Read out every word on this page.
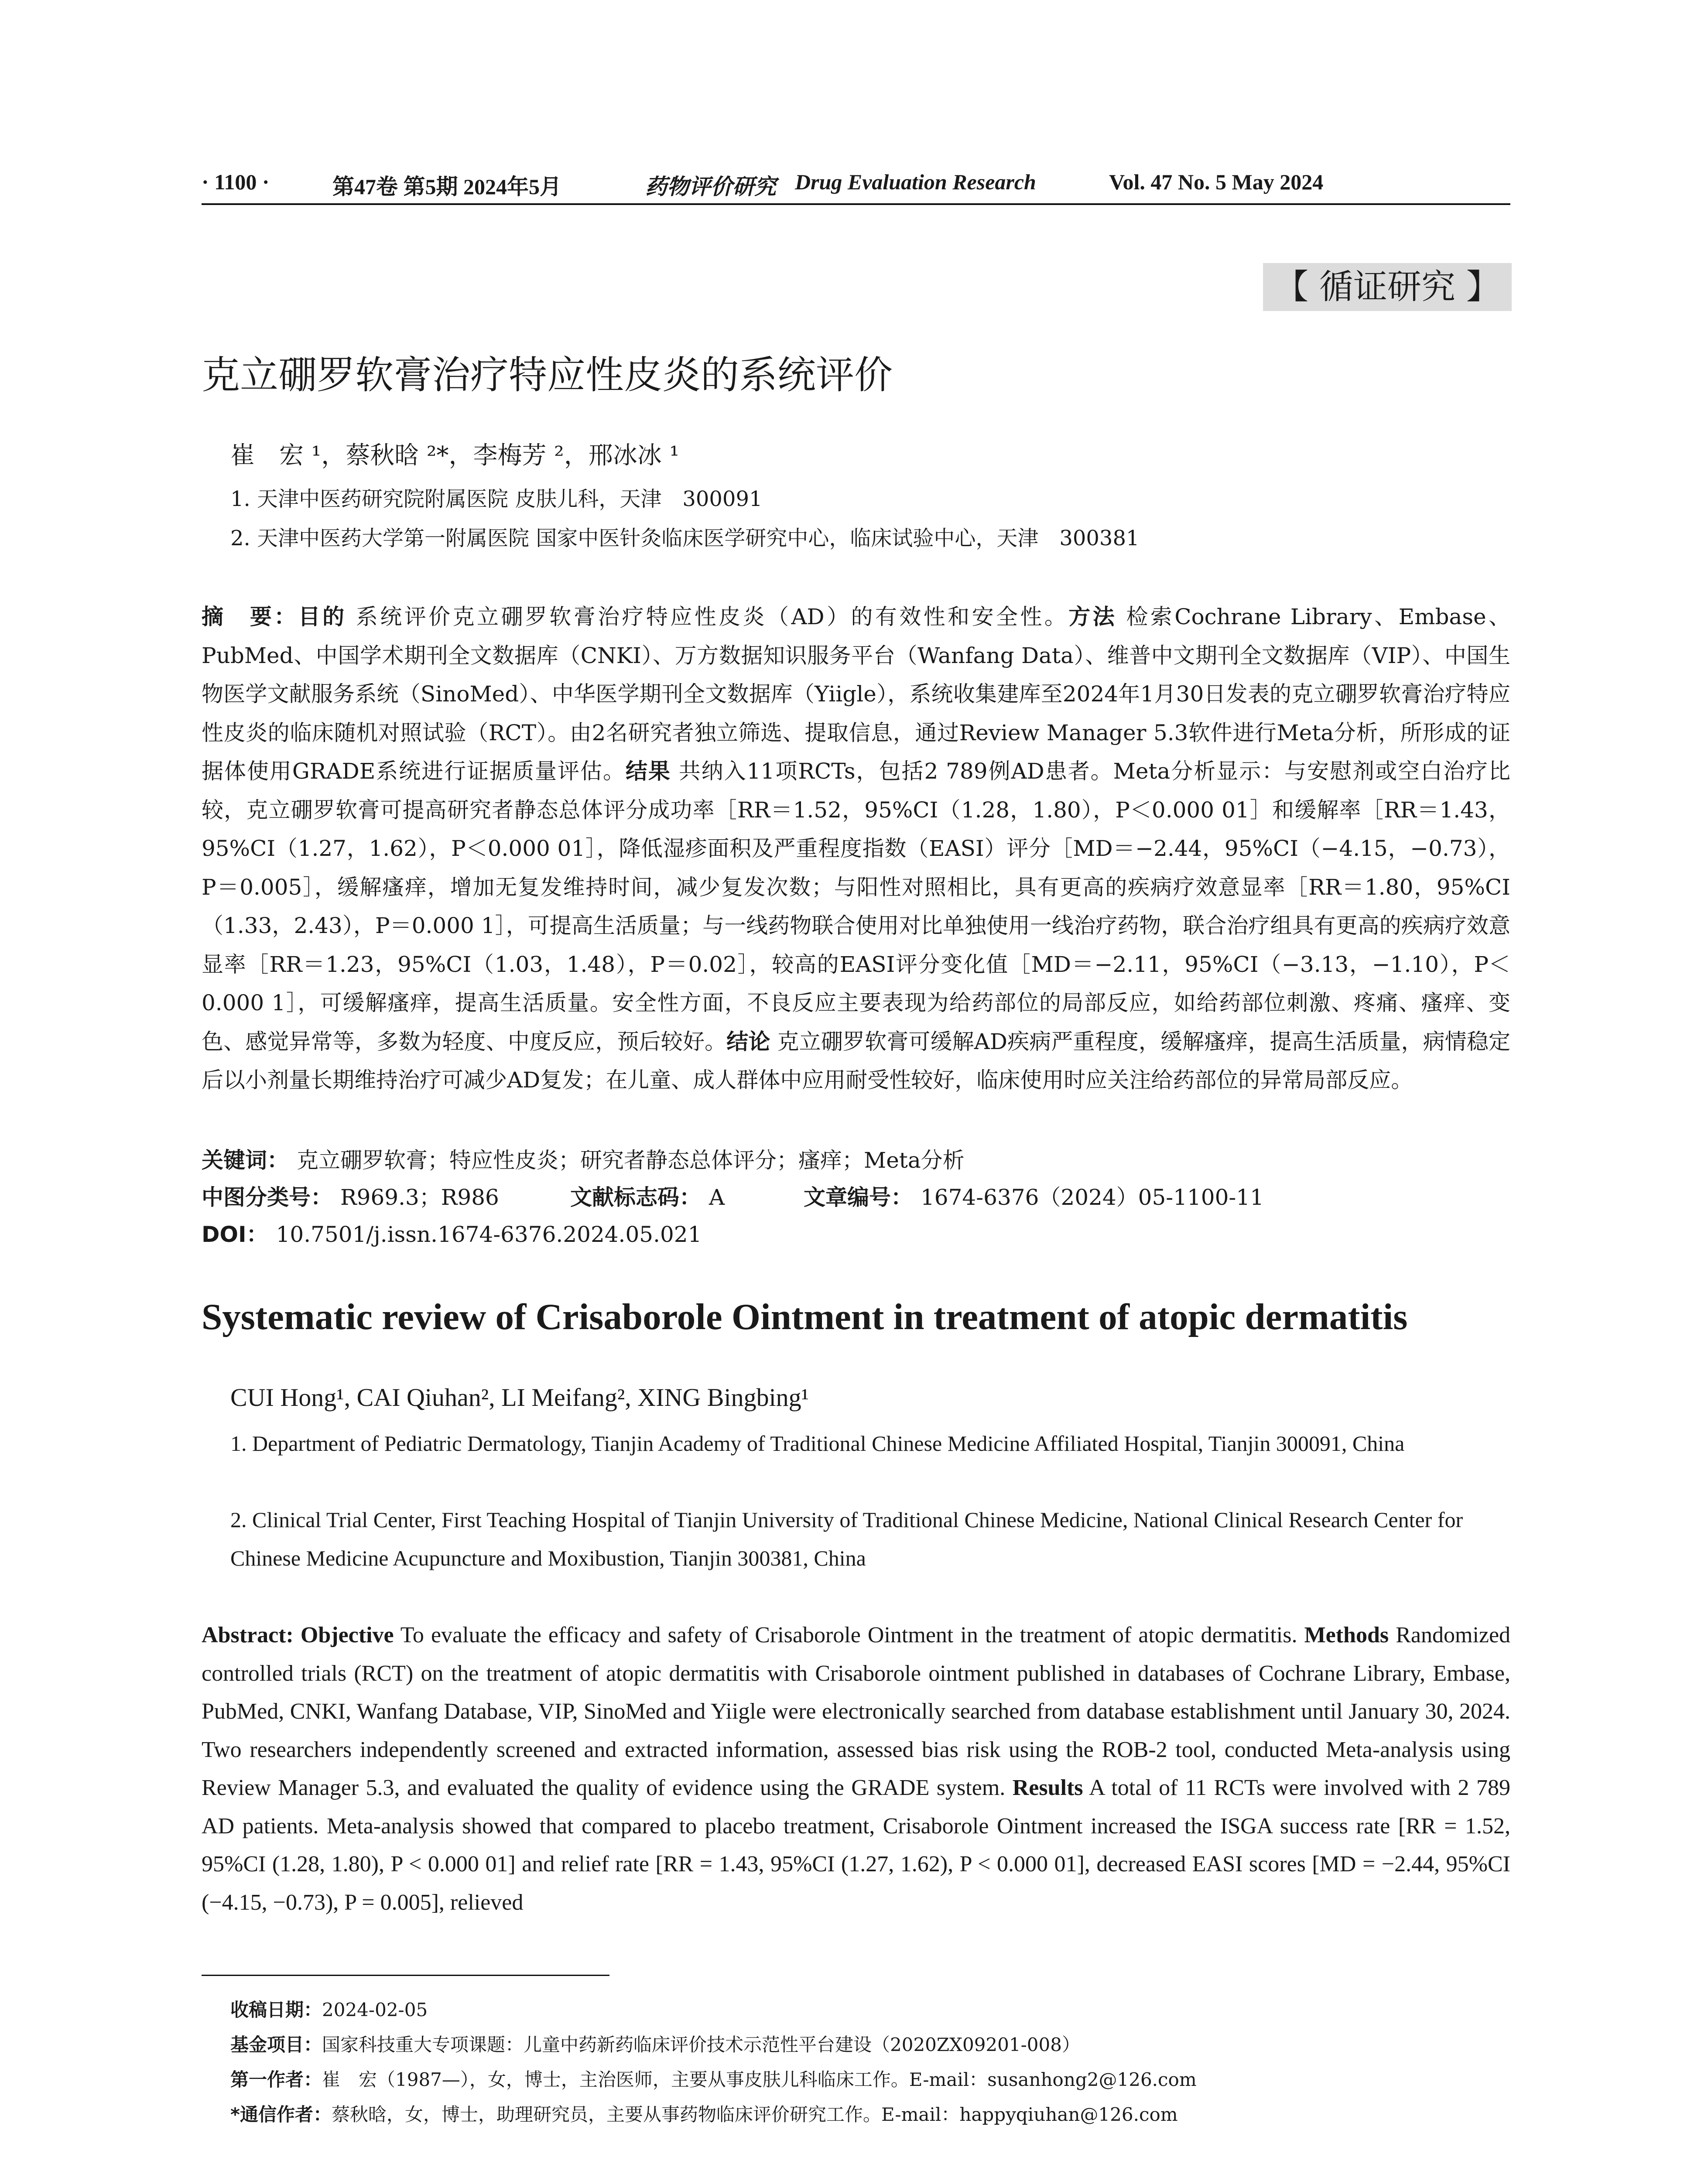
· 1100 ·	第47卷 第5期 2024年5月	药物评价研究 Drug Evaluation Research	Vol. 47 No. 5 May 2024
【 循证研究 】
克立硼罗软膏治疗特应性皮炎的系统评价
崔　宏 ¹，蔡秋晗 ²*，李梅芳 ²，邢冰冰 ¹
1. 天津中医药研究院附属医院 皮肤儿科，天津　300091
2. 天津中医药大学第一附属医院 国家中医针灸临床医学研究中心，临床试验中心，天津　300381
摘　要：目的 系统评价克立硼罗软膏治疗特应性皮炎（AD）的有效性和安全性。方法 检索Cochrane Library、Embase、PubMed、中国学术期刊全文数据库（CNKI）、万方数据知识服务平台（Wanfang Data）、维普中文期刊全文数据库（VIP）、中国生物医学文献服务系统（SinoMed）、中华医学期刊全文数据库（Yiigle），系统收集建库至2024年1月30日发表的克立硼罗软膏治疗特应性皮炎的临床随机对照试验（RCT）。由2名研究者独立筛选、提取信息，通过Review Manager 5.3软件进行Meta分析，所形成的证据体使用GRADE系统进行证据质量评估。结果 共纳入11项RCTs，包括2 789例AD患者。Meta分析显示：与安慰剂或空白治疗比较，克立硼罗软膏可提高研究者静态总体评分成功率［RR＝1.52，95%CI（1.28，1.80），P＜0.000 01］和缓解率［RR＝1.43，95%CI（1.27，1.62），P＜0.000 01］，降低湿疹面积及严重程度指数（EASI）评分［MD＝−2.44，95%CI（−4.15，−0.73），P＝0.005］，缓解瘙痒，增加无复发维持时间，减少复发次数；与阳性对照相比，具有更高的疾病疗效意显率［RR＝1.80，95%CI（1.33，2.43），P＝0.000 1］，可提高生活质量；与一线药物联合使用对比单独使用一线治疗药物，联合治疗组具有更高的疾病疗效意显率［RR＝1.23，95%CI（1.03，1.48），P＝0.02］，较高的EASI评分变化值［MD＝−2.11，95%CI（−3.13，−1.10），P＜0.000 1］，可缓解瘙痒，提高生活质量。安全性方面，不良反应主要表现为给药部位的局部反应，如给药部位刺激、疼痛、瘙痒、变色、感觉异常等，多数为轻度、中度反应，预后较好。结论 克立硼罗软膏可缓解AD疾病严重程度，缓解瘙痒，提高生活质量，病情稳定后以小剂量长期维持治疗可减少AD复发；在儿童、成人群体中应用耐受性较好，临床使用时应关注给药部位的异常局部反应。
关键词： 克立硼罗软膏；特应性皮炎；研究者静态总体评分；瘙痒；Meta分析
中图分类号： R969.3；R986	文献标志码： A	文章编号： 1674-6376（2024）05-1100-11
DOI： 10.7501/j.issn.1674-6376.2024.05.021
Systematic review of Crisaborole Ointment in treatment of atopic dermatitis
CUI Hong¹, CAI Qiuhan², LI Meifang², XING Bingbing¹
1. Department of Pediatric Dermatology, Tianjin Academy of Traditional Chinese Medicine Affiliated Hospital, Tianjin 300091, China
2. Clinical Trial Center, First Teaching Hospital of Tianjin University of Traditional Chinese Medicine, National Clinical Research Center for Chinese Medicine Acupuncture and Moxibustion, Tianjin 300381, China
Abstract: Objective To evaluate the efficacy and safety of Crisaborole Ointment in the treatment of atopic dermatitis. Methods Randomized controlled trials (RCT) on the treatment of atopic dermatitis with Crisaborole ointment published in databases of Cochrane Library, Embase, PubMed, CNKI, Wanfang Database, VIP, SinoMed and Yiigle were electronically searched from database establishment until January 30, 2024. Two researchers independently screened and extracted information, assessed bias risk using the ROB-2 tool, conducted Meta-analysis using Review Manager 5.3, and evaluated the quality of evidence using the GRADE system. Results A total of 11 RCTs were involved with 2 789 AD patients. Meta-analysis showed that compared to placebo treatment, Crisaborole Ointment increased the ISGA success rate [RR = 1.52, 95%CI (1.28, 1.80), P < 0.000 01] and relief rate [RR = 1.43, 95%CI (1.27, 1.62), P < 0.000 01], decreased EASI scores [MD = −2.44, 95%CI (−4.15, −0.73), P = 0.005], relieved
收稿日期：2024-02-05
基金项目：国家科技重大专项课题：儿童中药新药临床评价技术示范性平台建设（2020ZX09201-008）
第一作者：崔　宏（1987—），女，博士，主治医师，主要从事皮肤儿科临床工作。E-mail：susanhong2@126.com
*通信作者：蔡秋晗，女，博士，助理研究员，主要从事药物临床评价研究工作。E-mail：happyqiuhan@126.com
